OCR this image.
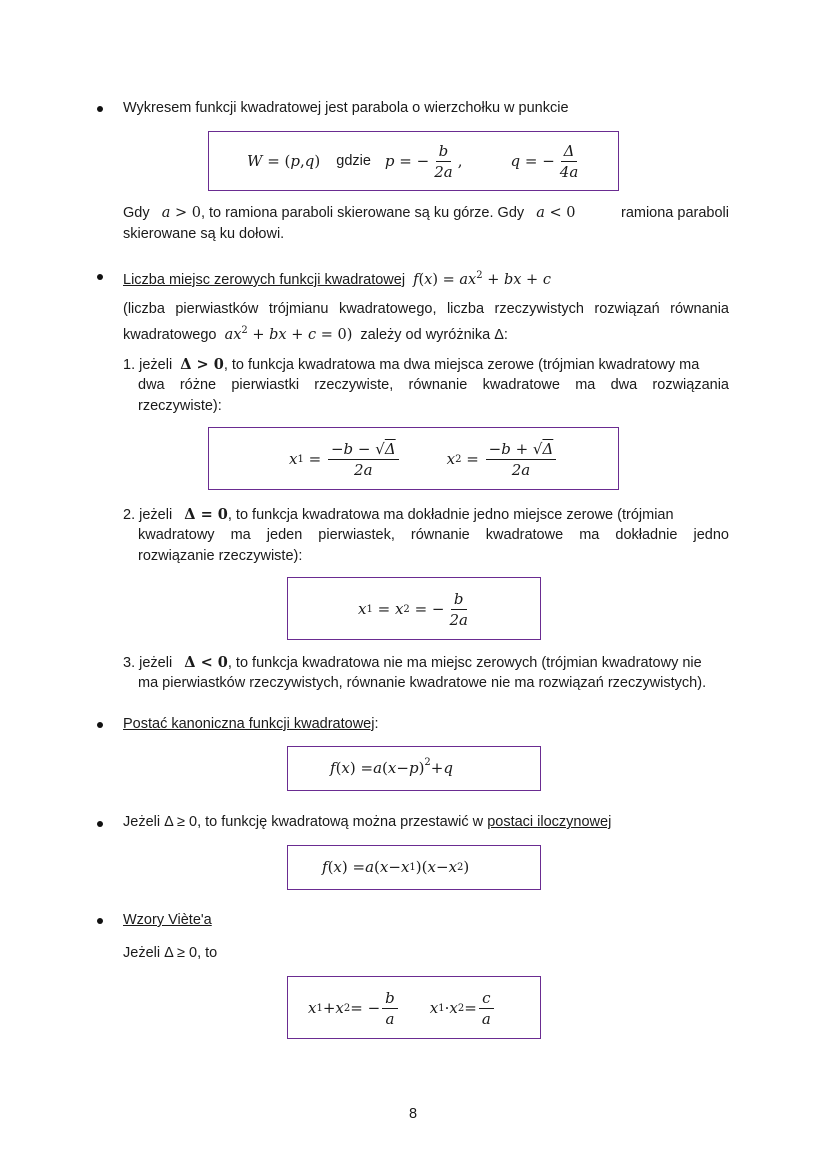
Wykresem funkcji kwadratowej jest parabola o wierzchołku w punkcie
W = ( p , q ) gdzie p = − $\frac{b}{2a}$ ,	q = − $\frac{\Delta}{4a}$
Gdy a > 0, to ramiona paraboli skierowane są ku górze. Gdy a < 0	ramiona paraboli
skierowane są ku dołowi.
Liczba miejsc zerowych funkcji kwadratowej $f(x) = ax^2$ + bx + c
(liczba pierwiastków trójmianu kwadratowego, liczba rzeczywistych rozwiązań równania
kwadratowego $ax^2$ + bx + c = 0) zależy od wyróżnika Δ:
1. jeżeli Δ > 0, to funkcja kwadratowa ma dwa miejsca zerowe (trójmian kwadratowy ma
dwa różne pierwiastki rzeczywiste, równanie kwadratowe ma dwa rozwiązania
rzeczywiste):
x $1 = \frac{-b - √\Delta}{2a}$	x $2 = \frac{-b + √\Delta}{2a}$
2. jeżeli Δ = 0, to funkcja kwadratowa ma dokładnie jedno miejsce zerowe (trójmian
kwadratowy ma jeden pierwiastek, równanie kwadratowe ma dokładnie jedno
rozwiązanie rzeczywiste):
x 1 = x 2 = − $\frac{b}{2a}$
3. jeżeli Δ < 0, to funkcja kwadratowa nie ma miejsc zerowych (trójmian kwadratowy nie
ma pierwiastków rzeczywistych, równanie kwadratowe nie ma rozwiązań rzeczywistych).
Postać kanoniczna funkcji kwadratowej:
f ( x ) = a ( x − p )$^2$ + q
Jeżeli Δ ≥ 0, to funkcję kwadratową można przestawić w postaci iloczynowej
f ( x ) = a ( x − x 1 )( x − x 2 )
Wzory Viète'a
Jeżeli Δ ≥ 0, to
x 1 + x 2 = − $\frac{b}{a}$ x 1 · x $2 = \frac{c}{a}$
8
